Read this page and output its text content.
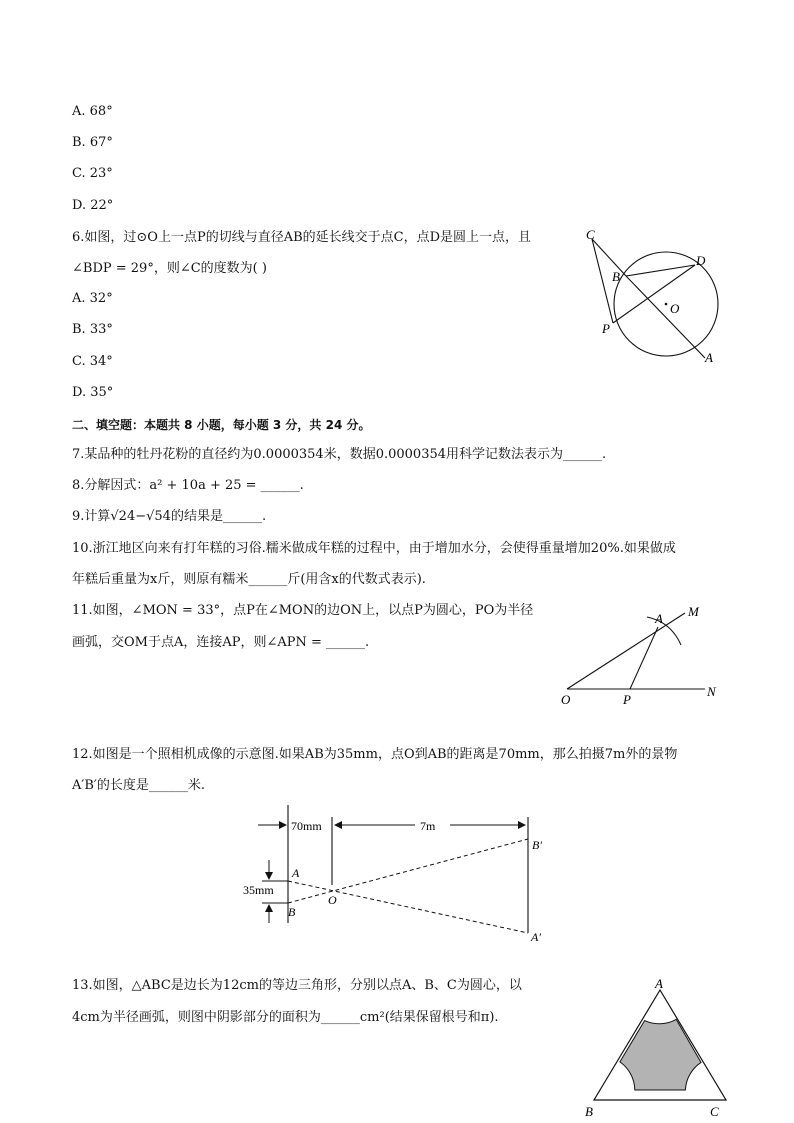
A. 68°
B. 67°
C. 23°
D. 22°
6.如图，过⊙O上一点P的切线与直径AB的延长线交于点C，点D是圆上一点，且
∠BDP = 29°，则∠C的度数为( )
A. 32°
B. 33°
C. 34°
D. 35°
C
B
D
O
P
A
二、填空题：本题共 8 小题，每小题 3 分，共 24 分。
7.某品种的牡丹花粉的直径约为0.0000354米，数据0.0000354用科学记数法表示为______.
8.分解因式：a² + 10a + 25 = ______.
9.计算√24−√54的结果是______.
10.浙江地区向来有打年糕的习俗.糯米做成年糕的过程中，由于增加水分，会使得重量增加20%.如果做成
年糕后重量为x斤，则原有糯米______斤(用含x的代数式表示).
11.如图，∠MON = 33°，点P在∠MON的边ON上，以点P为圆心，PO为半径
画弧，交OM于点A，连接AP，则∠APN = ______.
A M
O	P
N
12.如图是一个照相机成像的示意图.如果AB为35mm，点O到AB的距离是70mm，那么拍摄7m外的景物
A′B′的长度是______米.
70mm	7m
35mm
A
B
O
B′
A′
13.如图，△ABC是边长为12cm的等边三角形，分别以点A、B、C为圆心，以
4cm为半径画弧，则图中阴影部分的面积为______cm²(结果保留根号和π).
A
B	C
